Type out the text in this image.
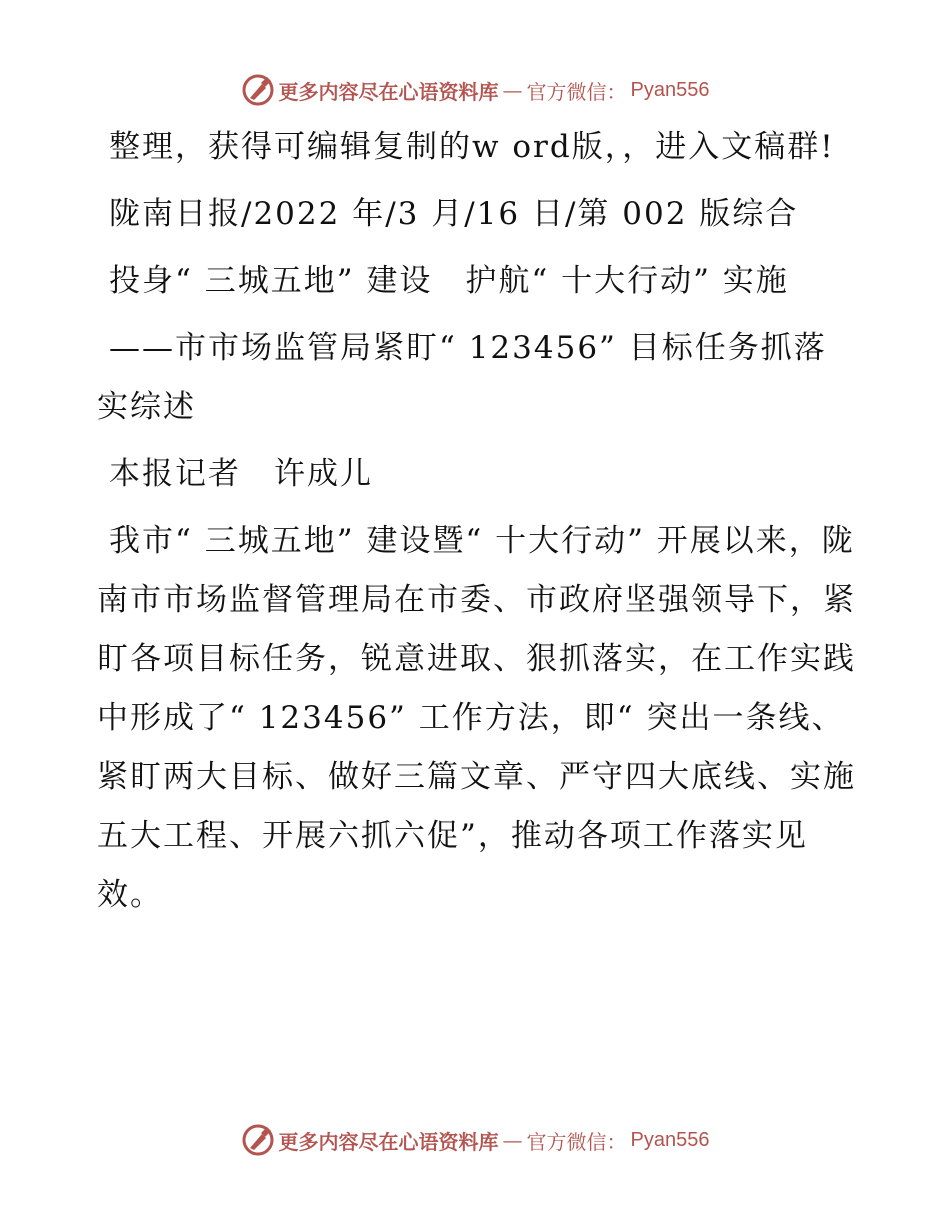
更多内容尽在心语资料库 — 官方微信： Pyan556

整理，获得可编辑复制的w ord版，，进入文稿群!

陇南日报/2022 年/3 月/16 日/第 002 版综合

投身“ 三城五地” 建设　护航“ 十大行动” 实施

——市市场监管局紧盯“ 123456” 目标任务抓落实综述

本报记者　许成儿

我市“ 三城五地” 建设暨“ 十大行动” 开展以来，陇南市市场监督管理局在市委、市政府坚强领导下，紧盯各项目标任务，锐意进取、狠抓落实，在工作实践中形成了“ 123456” 工作方法，即“ 突出一条线、紧盯两大目标、做好三篇文章、严守四大底线、实施五大工程、开展六抓六促”，推动各项工作落实见效。

更多内容尽在心语资料库 — 官方微信： Pyan556
